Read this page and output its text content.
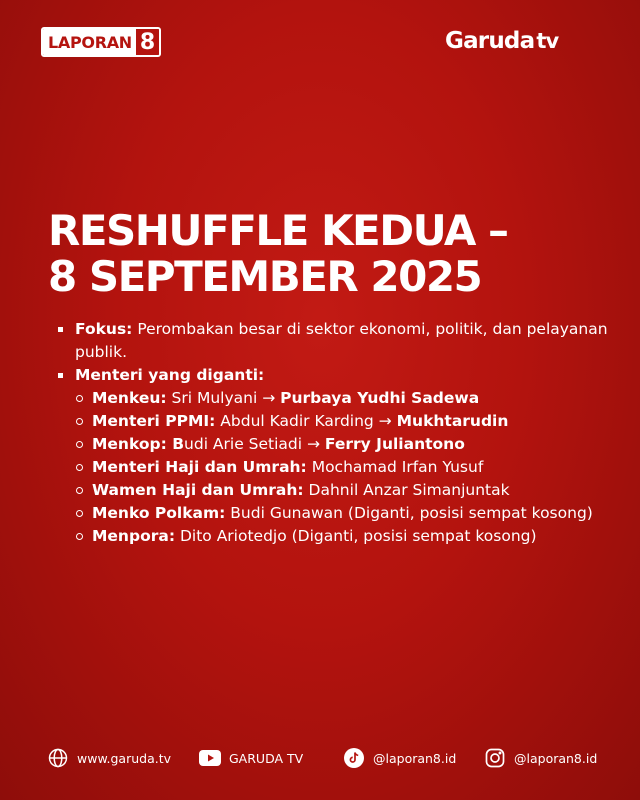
LAPORAN 8	Garuda tv
RESHUFFLE KEDUA –
8 SEPTEMBER 2025
Fokus: Perombakan besar di sektor ekonomi, politik, dan pelayanan publik.
Menteri yang diganti:
Menkeu: Sri Mulyani → Purbaya Yudhi Sadewa
Menteri PPMI: Abdul Kadir Karding → Mukhtarudin
Menkop: Budi Arie Setiadi → Ferry Juliantono
Menteri Haji dan Umrah: Mochamad Irfan Yusuf
Wamen Haji dan Umrah: Dahnil Anzar Simanjuntak
Menko Polkam: Budi Gunawan (Diganti, posisi sempat kosong)
Menpora: Dito Ariotedjo (Diganti, posisi sempat kosong)
www.garuda.tv	GARUDA TV	@laporan8.id	@laporan8.id
